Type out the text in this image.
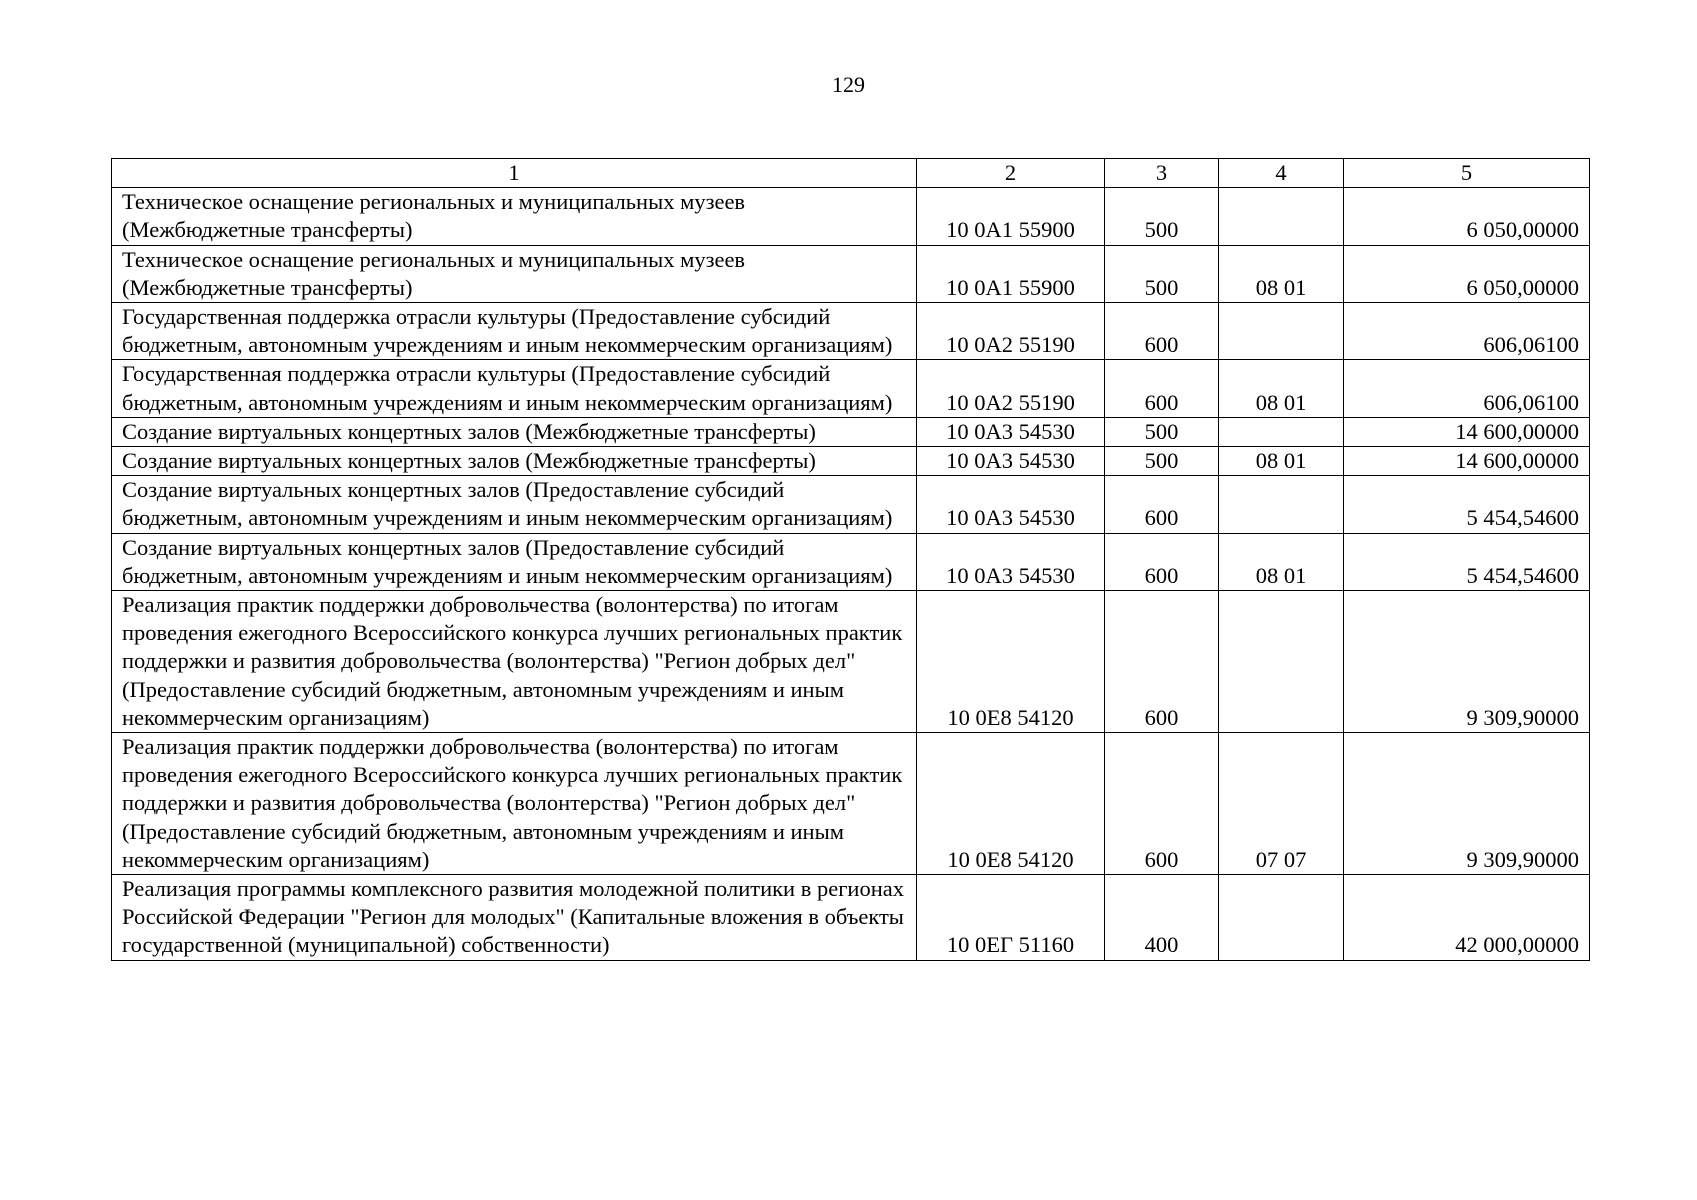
129
1	2	3	4	5
Техническое оснащение региональных и муниципальных музеев (Межбюджетные трансферты)	10 0А1 55900	500		6 050,00000
Техническое оснащение региональных и муниципальных музеев (Межбюджетные трансферты)	10 0А1 55900	500	08 01	6 050,00000
Государственная поддержка отрасли культуры (Предоставление субсидий бюджетным, автономным учреждениям и иным некоммерческим организациям)	10 0А2 55190	600		606,06100
Государственная поддержка отрасли культуры (Предоставление субсидий бюджетным, автономным учреждениям и иным некоммерческим организациям)	10 0А2 55190	600	08 01	606,06100
Создание виртуальных концертных залов (Межбюджетные трансферты)	10 0А3 54530	500		14 600,00000
Создание виртуальных концертных залов (Межбюджетные трансферты)	10 0А3 54530	500	08 01	14 600,00000
Создание виртуальных концертных залов (Предоставление субсидий бюджетным, автономным учреждениям и иным некоммерческим организациям)	10 0А3 54530	600		5 454,54600
Создание виртуальных концертных залов (Предоставление субсидий бюджетным, автономным учреждениям и иным некоммерческим организациям)	10 0А3 54530	600	08 01	5 454,54600
Реализация практик поддержки добровольчества (волонтерства) по итогам проведения ежегодного Всероссийского конкурса лучших региональных практик поддержки и развития добровольчества (волонтерства) "Регион добрых дел" (Предоставление субсидий бюджетным, автономным учреждениям и иным некоммерческим организациям)	10 0Е8 54120	600		9 309,90000
Реализация практик поддержки добровольчества (волонтерства) по итогам проведения ежегодного Всероссийского конкурса лучших региональных практик поддержки и развития добровольчества (волонтерства) "Регион добрых дел" (Предоставление субсидий бюджетным, автономным учреждениям и иным некоммерческим организациям)	10 0Е8 54120	600	07 07	9 309,90000
Реализация программы комплексного развития молодежной политики в регионах Российской Федерации "Регион для молодых" (Капитальные вложения в объекты государственной (муниципальной) собственности)	10 0ЕГ 51160	400		42 000,00000
